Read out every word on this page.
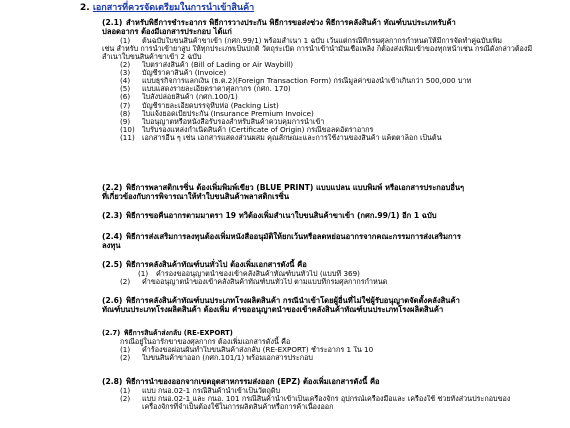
2. เอกสารที่ควรจัดเตรียมในการนำเข้าสินค้า
(2.1) สำหรับพิธีการชำระอากร พิธีการวางประกัน พิธีการขอส่งช่วง พิธีการคลังสินค้า ทัณฑ์บนประเภทรับค้า
ปลอดอากร ต้องมีเอกสารประกอบ ได้แก่
(1) ต้นฉบับใบขนสินค้าขาเข้า (กศก.99/1) พร้อมสำเนา 1 ฉบับ เว้นแต่กรณีที่กรมศุลกากรกำหนดให้มีการจัดทำคู่ฉบับเพิ่ม
เช่น สำหรับ การนำเข้ายาสูบ ให้ทุกประเภทเป็นปกติ วัตถุระเบิด การนำเข้าน้ำมันเชื้อเพลิง ก็ต้องส่งเพิ่มเข้าของทุกหน้าเช่น กรณีดังกล่าวต้องมี
สำเนาใบขนสินค้าขาเข้า 2 ฉบับ
(2) ใบตราส่งสินค้า (Bill of Lading or Air Waybill)
(3) บัญชีราคาสินค้า (Invoice)
(4) แบบธุรกิจการแลกเงิน (ธ.ต.2)(Foreign Transaction Form) กรณีมูลค่าของนำเข้าเกินกว่า 500,000 บาท
(5) แบบแสดงรายละเอียดราคาศุลกากร (กศก. 170)
(6) ใบสั่งปล่อยสินค้า (กศก.100/1)
(7) บัญชีรายละเอียดบรรจุหีบห่อ (Packing List)
(8) ใบแจ้งยอดเบี้ยประกัน (Insurance Premium Invoice)
(9) ใบอนุญาตหรือหนังสือรับรองสำหรับสินค้าควบคุมการนำเข้า
(10) ใบรับรองแหล่งกำเนิดสินค้า (Certificate of Origin) กรณีขอลดอัตราอากร
(11) เอกสารอื่น ๆ เช่น เอกสารแสดงส่วนผสม คุณลักษณะและการใช้งานของสินค้า แค็ตตาล็อก เป็นต้น
(2.2) พิธีการพลาสติกเรซิ่น ต้องเพิ่มพิมพ์เขียว (BLUE PRINT) แบบแปลน แบบพิมพ์ หรือเอกสารประกอบอื่นๆ
ที่เกี่ยวข้องกับการพิจารณาให้ทำใบขนสินค้าพลาสติกเรซิ่น
(2.3) พิธีการขอคืนอากรตามมาตรา 19 ทวิต้องเพิ่มสำเนาใบขนสินค้าขาเข้า (กศก.99/1) อีก 1 ฉบับ
(2.4) พิธีการส่งเสริมการลงทุนต้องเพิ่มหนังสืออนุมัติให้ยกเว้นหรือลดหย่อนอากรจากคณะกรรมการส่งเสริมการ
ลงทุน
(2.5) พิธีการคลังสินค้าทัณฑ์บนทั่วไป ต้องเพิ่มเอกสารดังนี้ คือ
(1) คำรองขออนุญาตนำของเข้าคลังสินค้าทัณฑ์บนทั่วไป (แบบที่ 369)
(2) คำขออนุญาตนำของเข้าคลังสินค้าทัณฑ์บนทั่วไป ตามแบบที่กรมศุลกากรกำหนด
(2.6) พิธีการคลังสินค้าทัณฑ์บนประเภทโรงผลิตสินค้า กรณีนำเข้าโดยผู้อื่นที่ไม่ใช่ผู้รับอนุญาตจัดตั้งคลังสินค้า
ทัณฑ์บนประเภทโรงผลิตสินค้า ต้องเพิ่ม คำขออนุญาตนำของเข้าคลังสินค้าทัณฑ์บนประเภทโรงผลิตสินค้า
(2.7) พิธีการสินค้าส่งกลับ (RE-EXPORT)
กรณีอยู่ในอารักขาของศุลกากร ต้องเพิ่มเอกสารดังนี้ คือ
(1) คำร้องขอผ่อนผันทำใบขนสินค้าส่งกลับ (RE-EXPORT) ชำระอากร 1 ใน 10
(2) ใบขนสินค้าขาออก (กศก.101/1) พร้อมเอกสารประกอบ
(2.8) พิธีการนำของออกจากเขตอุตสาหกรรมส่งออก (EPZ) ต้องเพิ่มเอกสารดังนี้ คือ
(1) แบบ กนอ.02-1 กรณีสินค้านำเข้าเป็นวัตถุดิบ
(2) แบบ กนอ.02-1 และ กนอ. 101 กรณีสินค้านำเข้าเป็นเครื่องจักร อุปกรณ์เครื่องมือและ เครื่องใช้ ช่วยทั้งส่วนประกอบของ
เครื่องจักรที่จำเป็นต้องใช้ในการผลิตสินค้าหรือการค้าเนื่องออก
